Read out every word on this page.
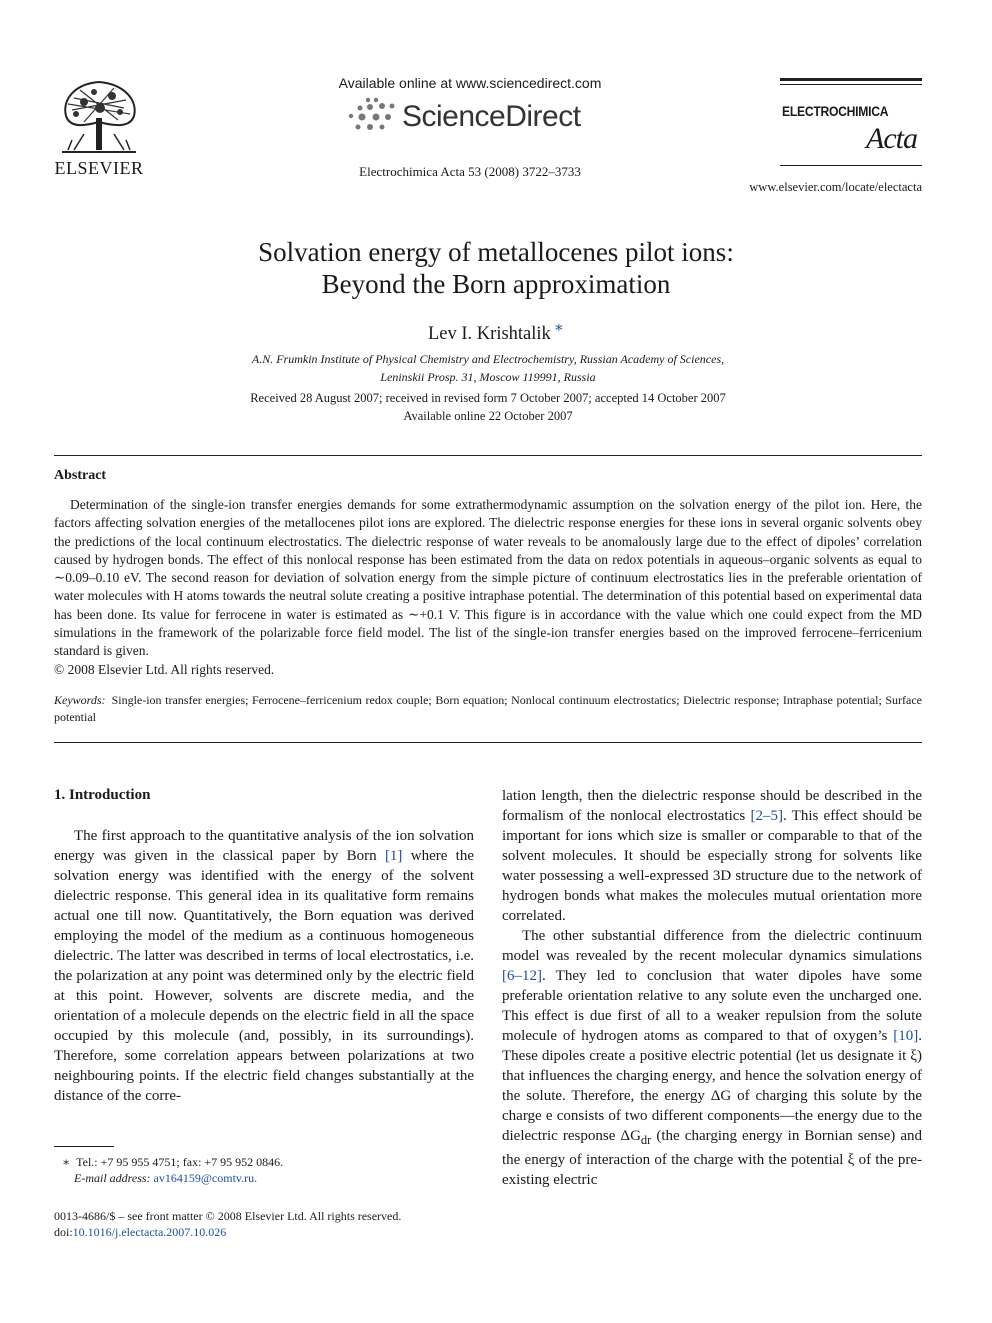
ELSEVIER
Available online at www.sciencedirect.com
ScienceDirect
Electrochimica Acta 53 (2008) 3722–3733
ELECTROCHIMICA
Acta
www.elsevier.com/locate/electacta
Solvation energy of metallocenes pilot ions:
Beyond the Born approximation
Lev I. Krishtalik ∗
A.N. Frumkin Institute of Physical Chemistry and Electrochemistry, Russian Academy of Sciences,
Leninskii Prosp. 31, Moscow 119991, Russia
Received 28 August 2007; received in revised form 7 October 2007; accepted 14 October 2007
Available online 22 October 2007
Abstract
Determination of the single-ion transfer energies demands for some extrathermodynamic assumption on the solvation energy of the pilot ion. Here, the factors affecting solvation energies of the metallocenes pilot ions are explored. The dielectric response energies for these ions in several organic solvents obey the predictions of the local continuum electrostatics. The dielectric response of water reveals to be anomalously large due to the effect of dipoles’ correlation caused by hydrogen bonds. The effect of this nonlocal response has been estimated from the data on redox potentials in aqueous–organic solvents as equal to ∼0.09–0.10 eV. The second reason for deviation of solvation energy from the simple picture of continuum electrostatics lies in the preferable orientation of water molecules with H atoms towards the neutral solute creating a positive intraphase potential. The determination of this potential based on experimental data has been done. Its value for ferrocene in water is estimated as ∼+0.1 V. This figure is in accordance with the value which one could expect from the MD simulations in the framework of the polarizable force field model. The list of the single-ion transfer energies based on the improved ferrocene–ferricenium standard is given.
© 2008 Elsevier Ltd. All rights reserved.
Keywords: Single-ion transfer energies; Ferrocene–ferricenium redox couple; Born equation; Nonlocal continuum electrostatics; Dielectric response; Intraphase potential; Surface potential
1. Introduction

The first approach to the quantitative analysis of the ion solvation energy was given in the classical paper by Born [1] where the solvation energy was identified with the energy of the solvent dielectric response. This general idea in its qualitative form remains actual one till now. Quantitatively, the Born equation was derived employing the model of the medium as a continuous homogeneous dielectric. The latter was described in terms of local electrostatics, i.e. the polarization at any point was determined only by the electric field at this point. However, solvents are discrete media, and the orientation of a molecule depends on the electric field in all the space occupied by this molecule (and, possibly, in its surroundings). Therefore, some correlation appears between polarizations at two neighbouring points. If the electric field changes substantially at the distance of the corre-

lation length, then the dielectric response should be described in the formalism of the nonlocal electrostatics [2–5]. This effect should be important for ions which size is smaller or comparable to that of the solvent molecules. It should be especially strong for solvents like water possessing a well-expressed 3D structure due to the network of hydrogen bonds what makes the molecules mutual orientation more correlated.

The other substantial difference from the dielectric continuum model was revealed by the recent molecular dynamics simulations [6–12]. They led to conclusion that water dipoles have some preferable orientation relative to any solute even the uncharged one. This effect is due first of all to a weaker repulsion from the solute molecule of hydrogen atoms as compared to that of oxygen’s [10]. These dipoles create a positive electric potential (let us designate it ξ) that influences the charging energy, and hence the solvation energy of the solute. Therefore, the energy ΔG of charging this solute by the charge e consists of two different components—the energy due to the dielectric response $\Delta G_{dr}$ (the charging energy in Bornian sense) and the energy of interaction of the charge with the potential ξ of the pre-existing electric

∗ Tel.: +7 95 955 4751; fax: +7 95 952 0846.
E-mail address: av164159@comtv.ru.
0013-4686/$ – see front matter © 2008 Elsevier Ltd. All rights reserved.
doi:10.1016/j.electacta.2007.10.026
